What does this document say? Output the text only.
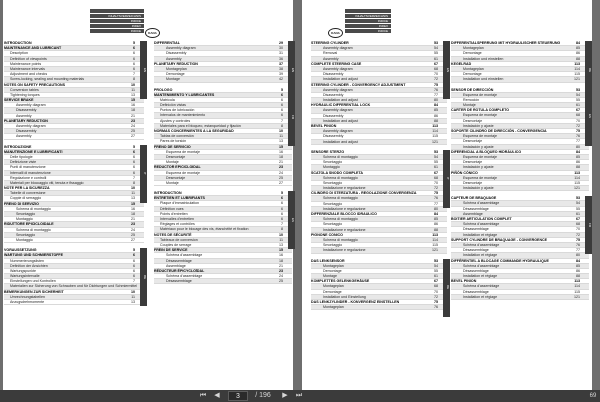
INHALTSVERZEICHNIS
INDICE
INDEX
INDICE	DANA
EN
INTRODUCTION	5
MAINTENANCE AND LUBRICANT	6
Description	6
Definition of viewpoints	6
Maintenance points	6
Maintenance intervals	6
Adjustment and checks	7
Screw-locking, sealing and mounting materials	8
NOTES ON SAFETY PRECAUTIONS	10
Conversion tables	11
Tightening torques	13
SERVICE BRAKE	15
Assembly diagram	16
Disassembly	18
Assembly	21
PLANETARY REDUCTION	23
Assembly diagram	24
Disassembly	25
Assembly	27
IT
INTRODUZIONE	5
MANUTENZIONE E LUBRIFICANTI	6
Delle tipologie	6
Definizione viste	6
Punti di manutenzione	6
Intervalli di manutenzione	6
Regolazione e controlli	7
Materiali per bloccaggio viti, tenuta e fissaggio	8
NOTE PER LA SICUREZZA	10
Tabelle di conversione	11
Coppie di serraggio	13
FRENO DI SERVIZIO	15
Schema di montaggio	16
Smontaggio	18
Montaggio	21
RIDUTTORE EPICICLOIDALE	23
Schema di montaggio	24
Smontaggio	25
Montaggio	27
DE
VORAUSSETZUNG	5
WARTUNG UND SCHMIERSTOFFE	6
Nummerierungslisten	6
Definition der Ansichten	6
Wartungspunkte	6
Wartungsintervalle	6
Einstellungen und Kontrollen	7
Materialien zur Sicherung von Schrauben und für Dichtungen und Schmiermittel
BEMERKUNGEN ZUR SICHERHEIT	10
Umrechnungstabellen	11
Anzugsdrehmomente	13
EN
DIFFERENTIAL	29
Assembly diagram	30
Disassembly	31
Assembly	36
PLANETARY REDUCTION	37
Montageplan	38
Demontage	39
Montage	42
FR
PROLOGO	5
MANTENIMIENTO Y LUBRICANTES	6
Matrícula	6
Definición vistas	6
Puntos de lubricación	6
Intervalos de mantenimiento	6
Ajustes y controles	7
Materiales para el bloqueo, estanqueidad y fijación	8
NORMAS CONCERNIENTES A LA SEGURIDAD	10
Tablas de conversión	11
Pares de torsión	13
FRENO DE SERVICIO	15
Esquema de montaje	16
Desmontaje	18
Montaje	21
REDUCTOR EPICICLOIDAL	23
Esquema de montaje	24
Desmontaje	25
Montaje	27
ES
INTRODUCTION	5
ENTRETIEN ET LUBRIFIANTS	6
Plaque d'immatriculation	6
Définition vues	6
Points d'entretien	6
Intervalles d'entretien	6
Réglages et contrôles	7
Matériaux pour le blocage des vis, étanchéité et fixation	8
NOTES DE SÉCURITÉ	10
Tableaux de conversion	11
Couples de serrage	13
FREIN DE SERVICE	15
Schéma d'assemblage	16
Désassemblage	18
Assemblage	21
RÉDUCTEUR ÉPICYCLOÏDAL	23
Schéma d'assemblage	24
Désassemblage	25
INHALTSVERZEICHNIS
INDICE
INDEX
INDICE
DANA
EN
STEERING CYLINDER	53
Assembly diagram	54
Removal	55
Assembly	61
COMPLETE STEERING CASE	67
Assembly diagram	68
Disassembly	70
Installation and adjust	72
STEERING CYLINDER - CONVERGENCY ADJUSTMENT	75
Assembly diagram	76
Disassembly	77
Installation and adjust	80
HYDRAULIC DIFFERENTIAL LOCK	84
Assembly diagram	85
Disassembly	86
Installation and adjust	88
BEVEL PINION	113
Assembly diagram	114
Disassembly	115
Installation and adjust	121
IT
SENSORE STERZO	53
Schema di montaggio	54
Smontaggio	55
Montaggio	61
SCATOLA SNODO COMPLETA	67
Schema di montaggio	68
Smontaggio	70
Installazione e regolazione	72
CILINDRO DI STERZATURA - REGOLAZIONE CONVERGENZA	75
Schema di montaggio	76
Smontaggio	77
Installazione e regolazione	80
DIFFERENZIALE BLOCCO IDRAULICO	84
Schema di montaggio	85
Smontaggio	86
Installazione e regolazione	88
PIGNONE CONICO	113
Schema di montaggio	114
Smontaggio	115
Installazione e regolazione	121
DE
DAS LENKSENSOR	53
Montageplan	54
Demontage	55
Montage	61
KOMPLETTES GELENKGEHÄUSE	67
Montageplan	68
Demontage	70
Installation und Einstellung	72
DAS LENKZYLINDER - KONVERGENZ EINSTELLEN	75
Montageplan	76
DE
DIFFERENTIALSPERRUNG MIT HYDRAULISCHER STEUERUNG	84
Montageplan	85
Demontage	86
Installation und einstellen	88
KEGELRAD	113
Montageplan	114
Demontage	115
Installation und einstellen	121
ES
SENSOR DE DIRECCIÓN	53
Esquema de montaje	54
Remoción	55
Montaje	61
CARTER DE ROTULA COMPLETO	67
Esquema de montaje	68
Desmontaje	70
Instalación y ajuste	72
SOPORTE CILINDRO DE DIRECCIÓN - CONVERGENCIA	75
Esquema de montaje	76
Desmontaje	77
Instalación y ajuste	80
DIFERENCIAL A BLOQUEO HIDRÁULICO	84
Esquema de montaje	85
Desmontaje	86
Instalación y ajuste	88
PIÑÓN CÓNICO	113
Esquema de montaje	114
Desmontaje	115
Instalación y ajuste	121
FR
CAPTEUR DE BRAQUAGE	53
Schéma d'assemblage	54
Désassemblage	55
Assemblage	61
BOITIER ARTICULATION COMPLET	67
Schéma d'assemblage	68
Désassemblage	70
Installation et réglage	72
SUPPORT CYLINDRE DE BRAQUAGE - CONVERGENCE	75
Schéma d'assemblage	76
Désassemblage	77
Installation et réglage	80
DIFFÉRENTIEL A BLOCAGE COMMANDE HYDRAULIQUE	84
Schéma d'assemblage	85
Désassemblage	86
Installation et réglage	88
BEVEL PINION	113
Schéma d'assemblage	114
Désassemblage	115
Installation et réglage	121
⏮	◀	3	/ 196	▶	⏭	69
